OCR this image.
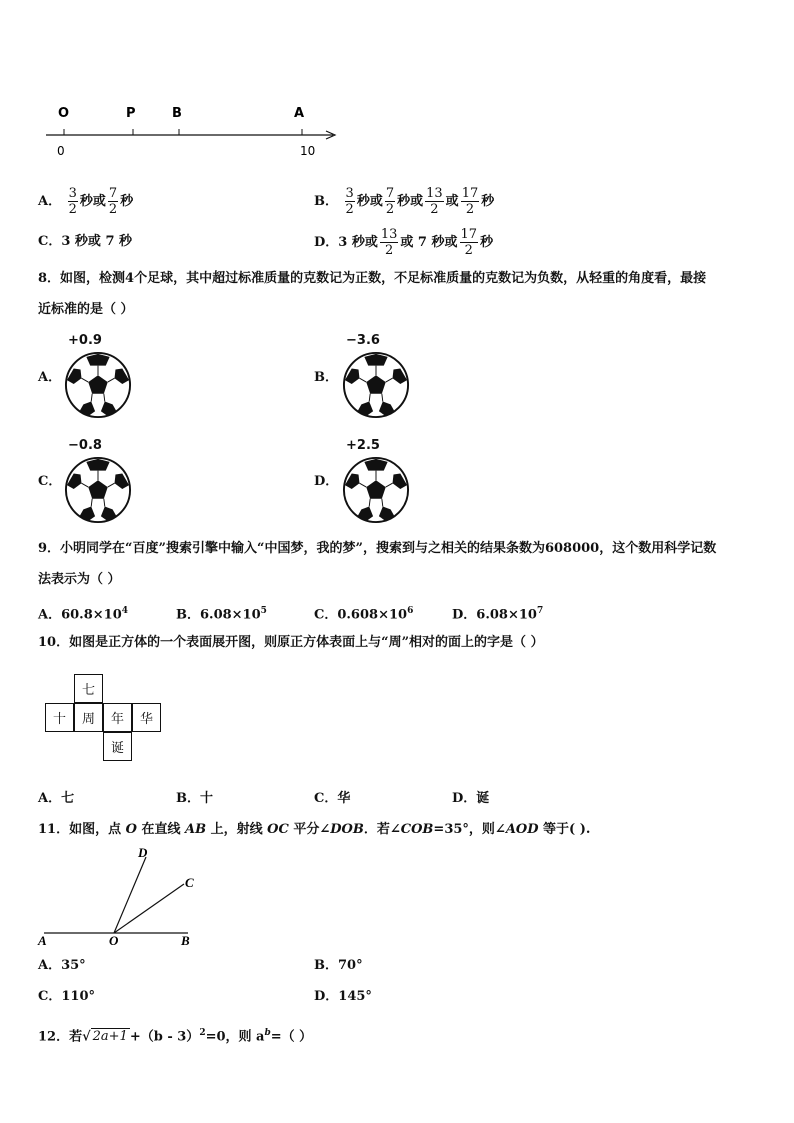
O	P	B	A
0	10
A． $\frac{3}{2}$ 秒或 $\frac{7}{2}$ 秒	B． $\frac{3}{2}$ 秒或 $\frac{7}{2}$ 秒或 $\frac{13}{2}$ 或 $\frac{17}{2}$ 秒
C．3 秒或 7 秒	D．3 秒或 $\frac{13}{2}$ 或 7 秒或 $\frac{17}{2}$ 秒
8．如图，检测4个足球，其中超过标准质量的克数记为正数，不足标准质量的克数记为负数，从轻重的角度看，最接
近标准的是（ ）
A．
+0.9
B．
−3.6
C．
−0.8
D．
+2.5
9．小明同学在“百度”搜索引擎中输入“中国梦，我的梦”，搜索到与之相关的结果条数为608000，这个数用科学记数
法表示为（ ）
A．$60.8\times 10^4$	B．$6.08\times 10^5$	C．$0.608\times 10^6$	D．$6.08\times 10^7$
10．如图是正方体的一个表面展开图，则原正方体表面上与“周”相对的面上的字是（ ）
七
十	周	年	华
诞
A．七	B．十	C．华	D．诞
11．如图，点 O 在直线 AB 上，射线 OC 平分∠DOB．若∠COB=35°，则∠AOD 等于( ).
D
C
A	O	B
A．35°	B．70°
C．110°	D．145°
12．若√ 2a+1 +（b - 3）$^2$=0，则 $a^b=$（ ）
